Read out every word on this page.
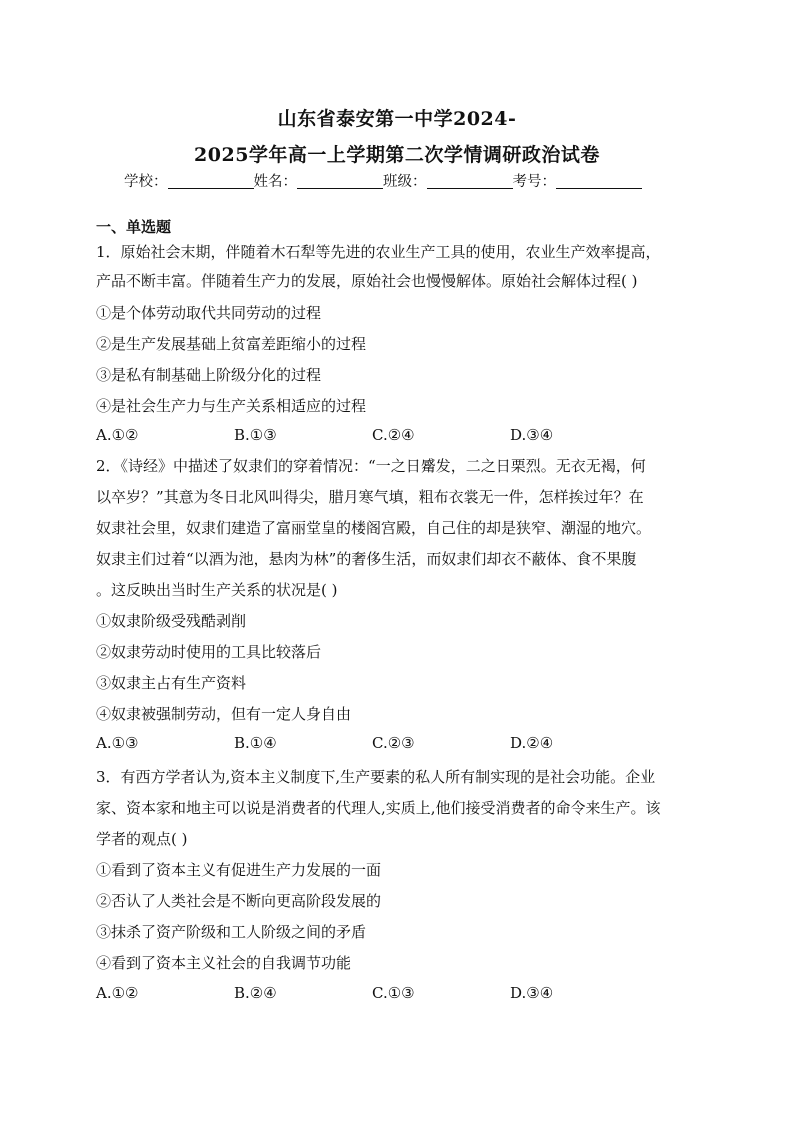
山东省泰安第一中学2024-
2025学年高一上学期第二次学情调研政治试卷
学校：	姓名：	班级：	考号：
一、单选题
1．原始社会末期，伴随着木石犁等先进的农业生产工具的使用，农业生产效率提高，
产品不断丰富。伴随着生产力的发展，原始社会也慢慢解体。原始社会解体过程( )
①是个体劳动取代共同劳动的过程
②是生产发展基础上贫富差距缩小的过程
③是私有制基础上阶级分化的过程
④是社会生产力与生产关系相适应的过程
A.①②	B.①③	C.②④	D.③④
2．《诗经》中描述了奴隶们的穿着情况：“一之日觱发，二之日栗烈。无衣无褐，何
以卒岁？”其意为冬日北风叫得尖，腊月寒气填，粗布衣裳无一件，怎样挨过年？在
奴隶社会里，奴隶们建造了富丽堂皇的楼阁宫殿，自己住的却是狭窄、潮湿的地穴。
奴隶主们过着“以酒为池，悬肉为林”的奢侈生活，而奴隶们却衣不蔽体、食不果腹
。这反映出当时生产关系的状况是( )
①奴隶阶级受残酷剥削
②奴隶劳动时使用的工具比较落后
③奴隶主占有生产资料
④奴隶被强制劳动，但有一定人身自由
A.①③	B.①④	C.②③	D.②④
3．有西方学者认为,资本主义制度下,生产要素的私人所有制实现的是社会功能。企业
家、资本家和地主可以说是消费者的代理人,实质上,他们接受消费者的命令来生产。该
学者的观点( )
①看到了资本主义有促进生产力发展的一面
②否认了人类社会是不断向更高阶段发展的
③抹杀了资产阶级和工人阶级之间的矛盾
④看到了资本主义社会的自我调节功能
A.①②	B.②④	C.①③	D.③④
